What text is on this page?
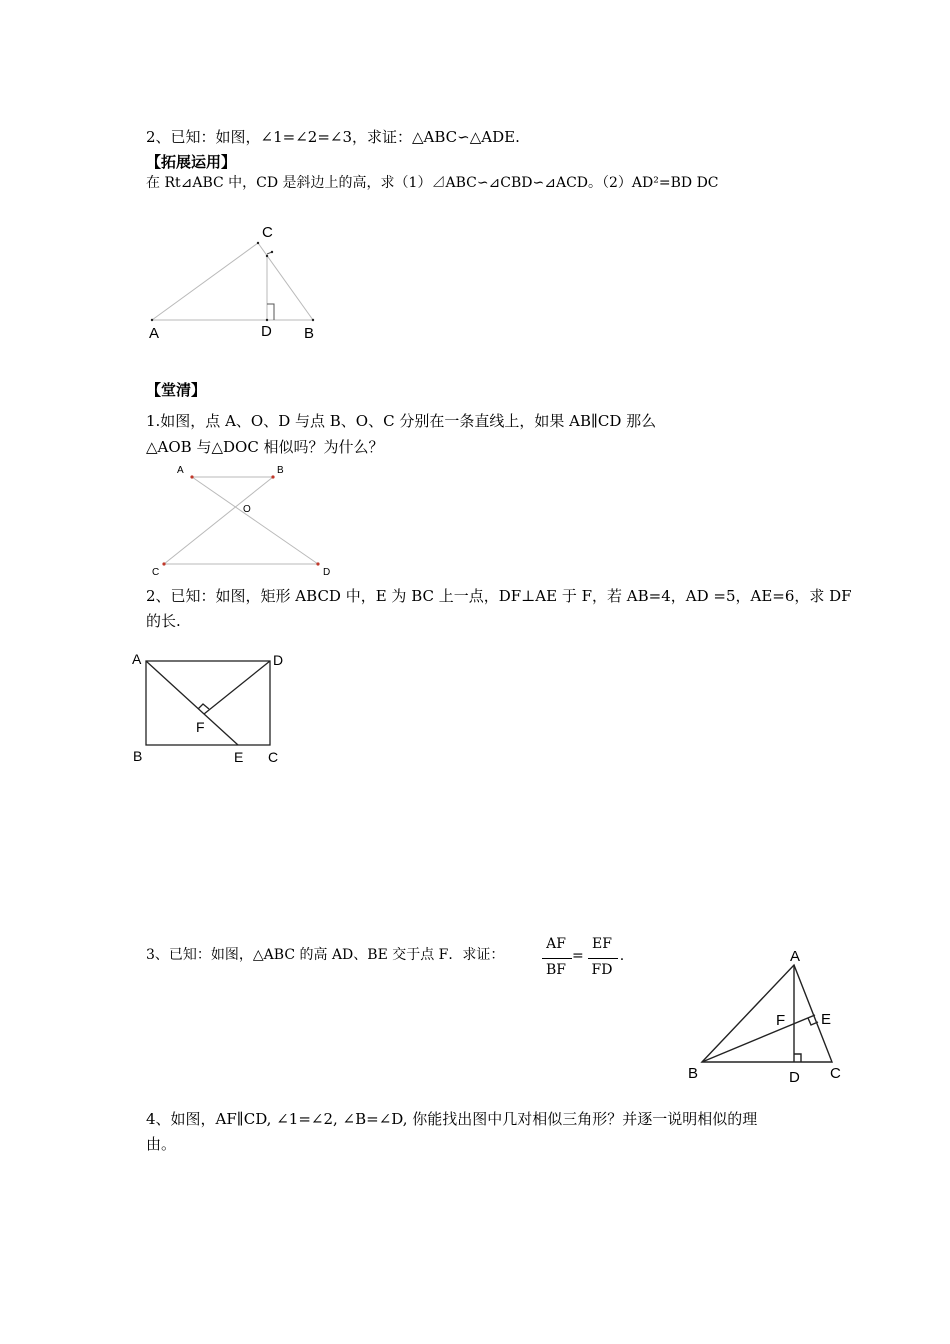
2、已知：如图，∠1=∠2=∠3，求证：△ABC∽△ADE.
【拓展运用】
在 Rt⊿ABC 中，CD 是斜边上的高，求（1）⊿ABC∽⊿CBD∽⊿ACD。（2）AD²=BD DC
C
A	D B
【堂清】
1.如图，点 A、O、D 与点 B、O、C 分别在一条直线上，如果 AB∥CD 那么
△AOB 与△DOC 相似吗？为什么？
A	B
O
C	D
2、已知：如图，矩形 ABCD 中，E 为 BC 上一点，DF⊥AE 于 F，若 AB=4，AD =5，AE=6，求 DF
的长.
A	D
F
B	E C
3、已知：如图，△ABC 的高 AD、BE 交于点 F．求证：
AF
BF
=
EF
FD
.	A
F E
B	D C
4、如图，AF∥CD, ∠1=∠2, ∠B=∠D, 你能找出图中几对相似三角形？并逐一说明相似的理
由。
